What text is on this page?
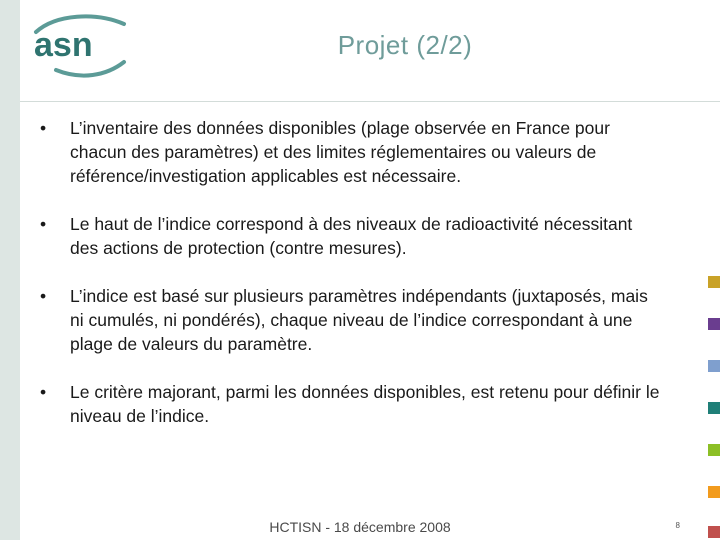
asn	Projet (2/2)
• L’inventaire des données disponibles (plage observée en France pour chacun des paramètres) et des limites réglementaires ou valeurs de référence/investigation applicables est nécessaire.
• Le haut de l’indice correspond à des niveaux de radioactivité nécessitant des actions de protection (contre mesures).
• L’indice est basé sur plusieurs paramètres indépendants (juxtaposés, mais ni cumulés, ni pondérés), chaque niveau de l’indice correspondant à une plage de valeurs du paramètre.
• Le critère majorant, parmi les données disponibles, est retenu pour définir le niveau de l’indice.
HCTISN - 18 décembre 2008	8
